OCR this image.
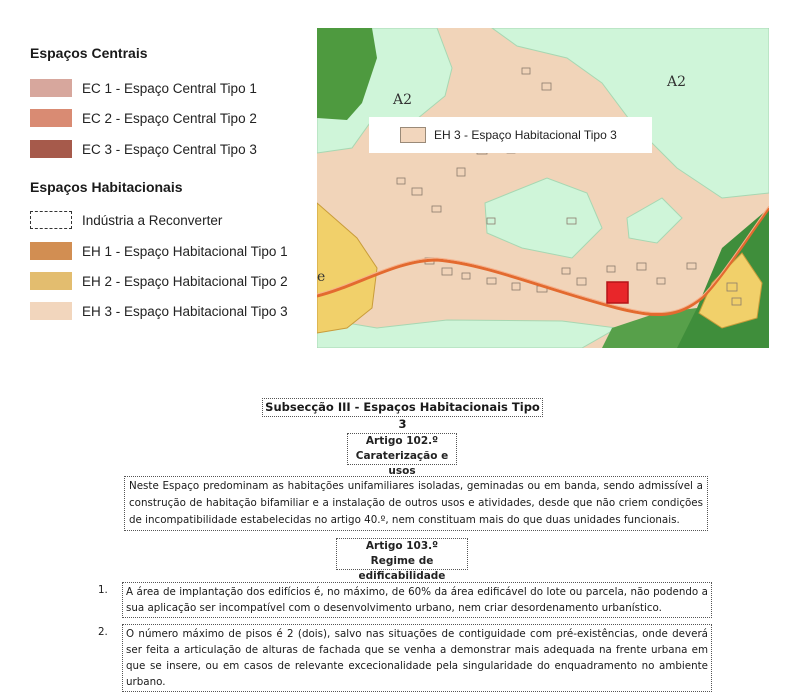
Espaços Centrais
EC 1 - Espaço Central Tipo 1
EC 2 - Espaço Central Tipo 2
EC 3 - Espaço Central Tipo 3
Espaços Habitacionais
Indústria a Reconverter
EH 1 - Espaço Habitacional Tipo 1
EH 2 - Espaço Habitacional Tipo 2
EH 3 - Espaço Habitacional Tipo 3
A2
A2
e
EH 3 - Espaço Habitacional Tipo 3
Subsecção III - Espaços Habitacionais Tipo 3
Artigo 102.º
Caraterização e usos
Neste Espaço predominam as habitações unifamiliares isoladas, geminadas ou em banda, sendo admissível a construção de habitação bifamiliar e a instalação de outros usos e atividades, desde que não criem condições de incompatibilidade estabelecidas no artigo 40.º, nem constituam mais do que duas unidades funcionais.
Artigo 103.º
Regime de edificabilidade
1.	A área de implantação dos edifícios é, no máximo, de 60% da área edificável do lote ou parcela, não podendo a sua aplicação ser incompatível com o desenvolvimento urbano, nem criar desordenamento urbanístico.
2.	O número máximo de pisos é 2 (dois), salvo nas situações de contiguidade com pré-existências, onde deverá ser feita a articulação de alturas de fachada que se venha a demonstrar mais adequada na frente urbana em que se insere, ou em casos de relevante excecionalidade pela singularidade do enquadramento no ambiente urbano.
